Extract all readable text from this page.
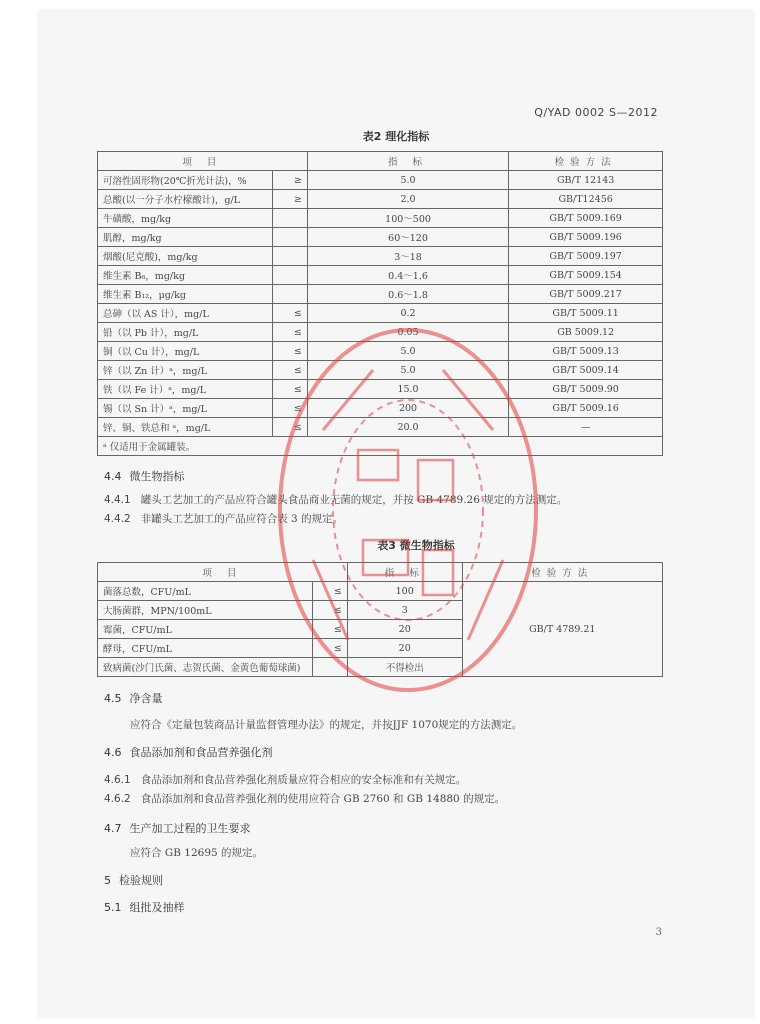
Q/YAD 0002 S—2012
表2 理化指标
项 目		指 标	检验方法
可溶性固形物(20℃折光计法)，%	≥	5.0	GB/T 12143
总酸(以一分子水柠檬酸计)，g/L	≥	2.0	GB/T12456
牛磺酸，mg/kg		100～500	GB/T 5009.169
肌醇，mg/kg		60～120	GB/T 5009.196
烟酸(尼克酸)，mg/kg		3～18	GB/T 5009.197
维生素 B₆，mg/kg		0.4～1.6	GB/T 5009.154
维生素 B₁₂，μg/kg		0.6～1.8	GB/T 5009.217
总砷（以 AS 计），mg/L	≤	0.2	GB/T 5009.11
铅（以 Pb 计），mg/L	≤	0.05	GB 5009.12
铜（以 Cu 计），mg/L	≤	5.0	GB/T 5009.13
锌（以 Zn 计）ᵃ，mg/L	≤	5.0	GB/T 5009.14
铁（以 Fe 计）ᵃ，mg/L	≤	15.0	GB/T 5009.90
锡（以 Sn 计）ᵃ，mg/L	≤	200	GB/T 5009.16
锌、铜、铁总和 ᵃ，mg/L	≤	20.0	—
ᵃ 仅适用于金属罐装。			
4.4 微生物指标
4.4.1 罐头工艺加工的产品应符合罐头食品商业无菌的规定，并按 GB 4789.26 规定的方法测定。
4.4.2 非罐头工艺加工的产品应符合表 3 的规定。
表3 微生物指标
项 目		指 标	检验方法
菌落总数，CFU/mL	≤	100	GB/T 4789.21
大肠菌群，MPN/100mL	≤	3	
霉菌，CFU/mL	≤	20	
酵母，CFU/mL	≤	20	
致病菌(沙门氏菌、志贺氏菌、金黄色葡萄球菌)		不得检出	
4.5 净含量
应符合《定量包装商品计量监督管理办法》的规定，并按JJF 1070规定的方法测定。
4.6 食品添加剂和食品营养强化剂
4.6.1 食品添加剂和食品营养强化剂质量应符合相应的安全标准和有关规定。
4.6.2 食品添加剂和食品营养强化剂的使用应符合 GB 2760 和 GB 14880 的规定。
4.7 生产加工过程的卫生要求
应符合 GB 12695 的规定。
5 检验规则
5.1 组批及抽样
3
